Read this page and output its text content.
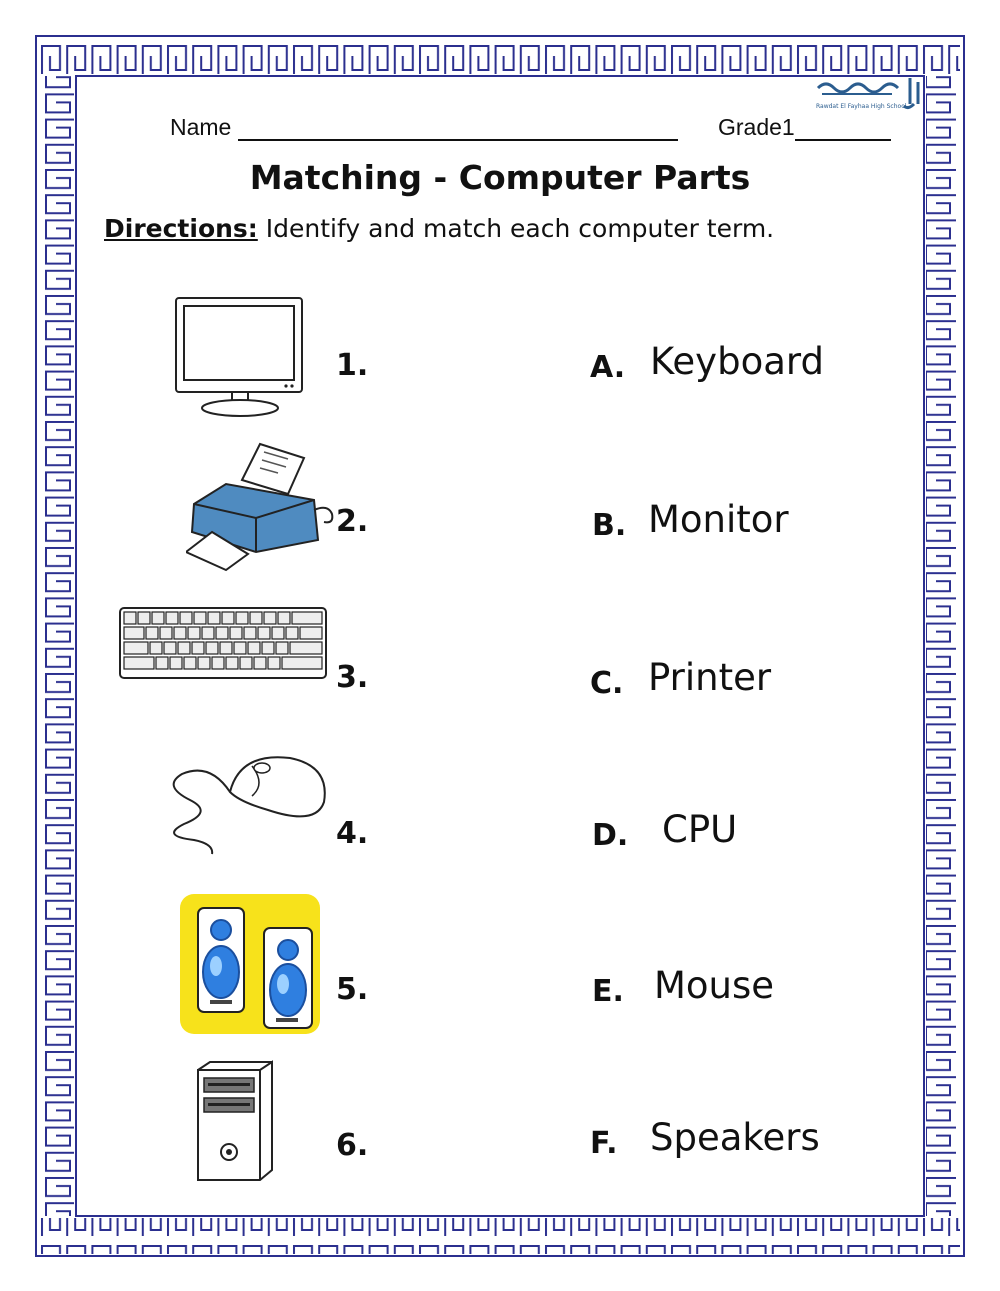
Rawdat El Fayhaa High School
Name	Grade1
Matching - Computer Parts
Directions: Identify and match each computer term.
1.
2.
3.
4.
5.
6.
A. Keyboard
B. Monitor
C. Printer
D. CPU
E. Mouse
F. Speakers
